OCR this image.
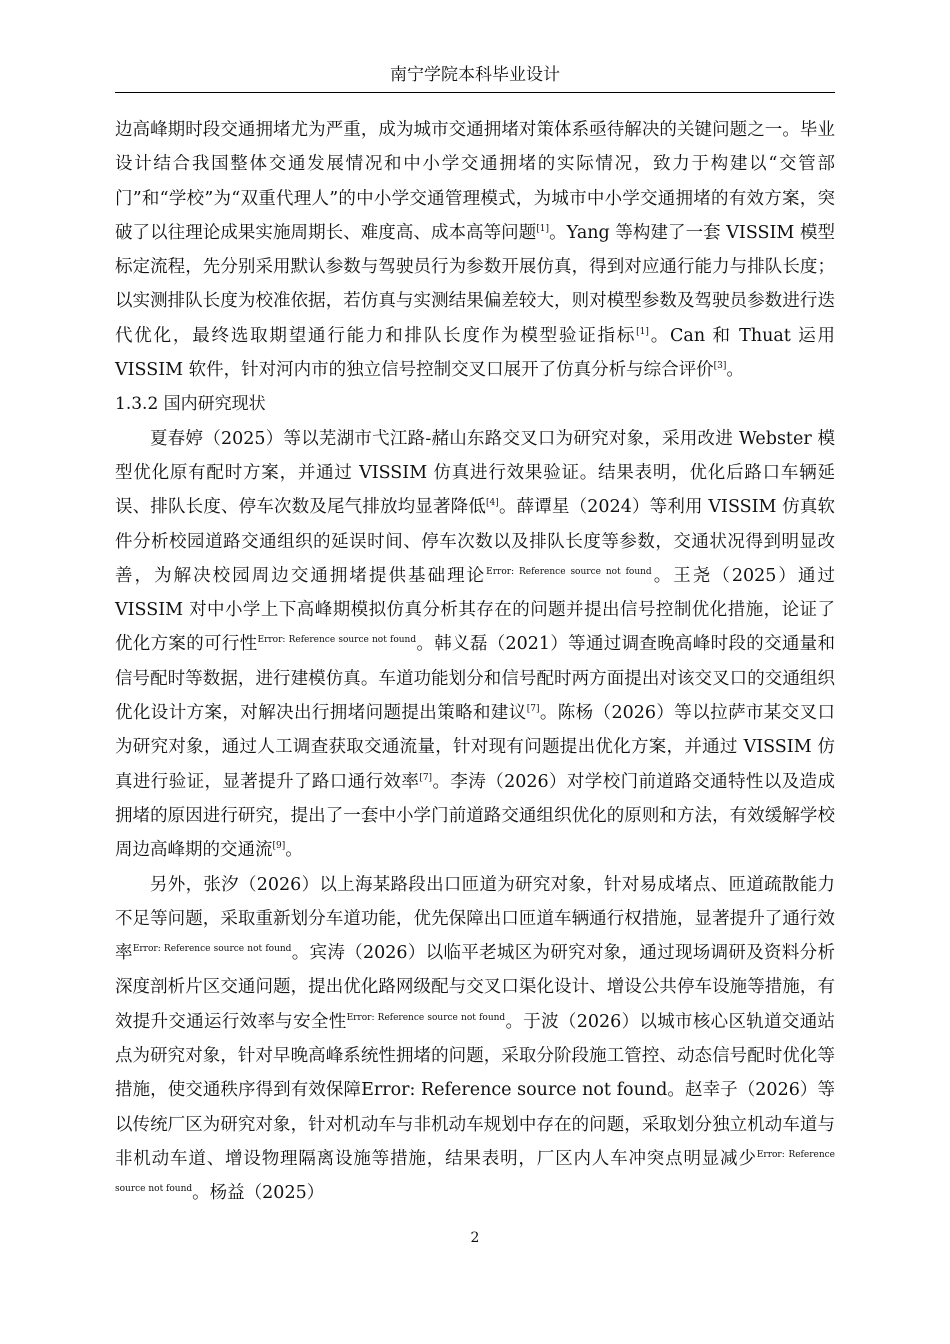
南宁学院本科毕业设计

边高峰期时段交通拥堵尤为严重，成为城市交通拥堵对策体系亟待解决的关键问题之一。毕业设计结合我国整体交通发展情况和中小学交通拥堵的实际情况，致力于构建以“交管部门”和“学校”为“双重代理人”的中小学交通管理模式，为城市中小学交通拥堵的有效方案，突破了以往理论成果实施周期长、难度高、成本高等问题[1]。Yang 等构建了一套 VISSIM 模型标定流程，先分别采用默认参数与驾驶员行为参数开展仿真，得到对应通行能力与排队长度；以实测排队长度为校准依据，若仿真与实测结果偏差较大，则对模型参数及驾驶员参数进行迭代优化，最终选取期望通行能力和排队长度作为模型验证指标[1]。Can 和 Thuat 运用 VISSIM 软件，针对河内市的独立信号控制交叉口展开了仿真分析与综合评价[3]。

1.3.2 国内研究现状

夏春婷（2025）等以芜湖市弋江路-赭山东路交叉口为研究对象，采用改进 Webster 模型优化原有配时方案，并通过 VISSIM 仿真进行效果验证。结果表明，优化后路口车辆延误、排队长度、停车次数及尾气排放均显著降低[4]。薛谭星（2024）等利用 VISSIM 仿真软件分析校园道路交通组织的延误时间、停车次数以及排队长度等参数，交通状况得到明显改善，为解决校园周边交通拥堵提供基础理论$^{Error: Reference source not found}$。王尧（2025）通过 VISSIM 对中小学上下高峰期模拟仿真分析其存在的问题并提出信号控制优化措施，论证了优化方案的可行性$^{Error: Reference source not found}$。韩义磊（2021）等通过调查晚高峰时段的交通量和信号配时等数据，进行建模仿真。车道功能划分和信号配时两方面提出对该交叉口的交通组织优化设计方案，对解决出行拥堵问题提出策略和建议[7]。陈杨（2026）等以拉萨市某交叉口为研究对象，通过人工调查获取交通流量，针对现有问题提出优化方案，并通过 VISSIM 仿真进行验证，显著提升了路口通行效率[7]。李涛（2026）对学校门前道路交通特性以及造成拥堵的原因进行研究，提出了一套中小学门前道路交通组织优化的原则和方法，有效缓解学校周边高峰期的交通流[9]。

另外，张汐（2026）以上海某路段出口匝道为研究对象，针对易成堵点、匝道疏散能力不足等问题，采取重新划分车道功能，优先保障出口匝道车辆通行权措施，显著提升了通行效率$^{Error: Reference source not found}$。宾涛（2026）以临平老城区为研究对象，通过现场调研及资料分析深度剖析片区交通问题，提出优化路网级配与交叉口渠化设计、增设公共停车设施等措施，有效提升交通运行效率与安全性$^{Error: Reference source not found}$。于波（2026）以城市核心区轨道交通站点为研究对象，针对早晚高峰系统性拥堵的问题，采取分阶段施工管控、动态信号配时优化等措施，使交通秩序得到有效保障Error: Reference source not found。赵幸子（2026）等以传统厂区为研究对象，针对机动车与非机动车规划中存在的问题，采取划分独立机动车道与非机动车道、增设物理隔离设施等措施，结果表明，厂区内人车冲突点明显减少$^{Error: Reference source not found}$。杨益（2025）

2
